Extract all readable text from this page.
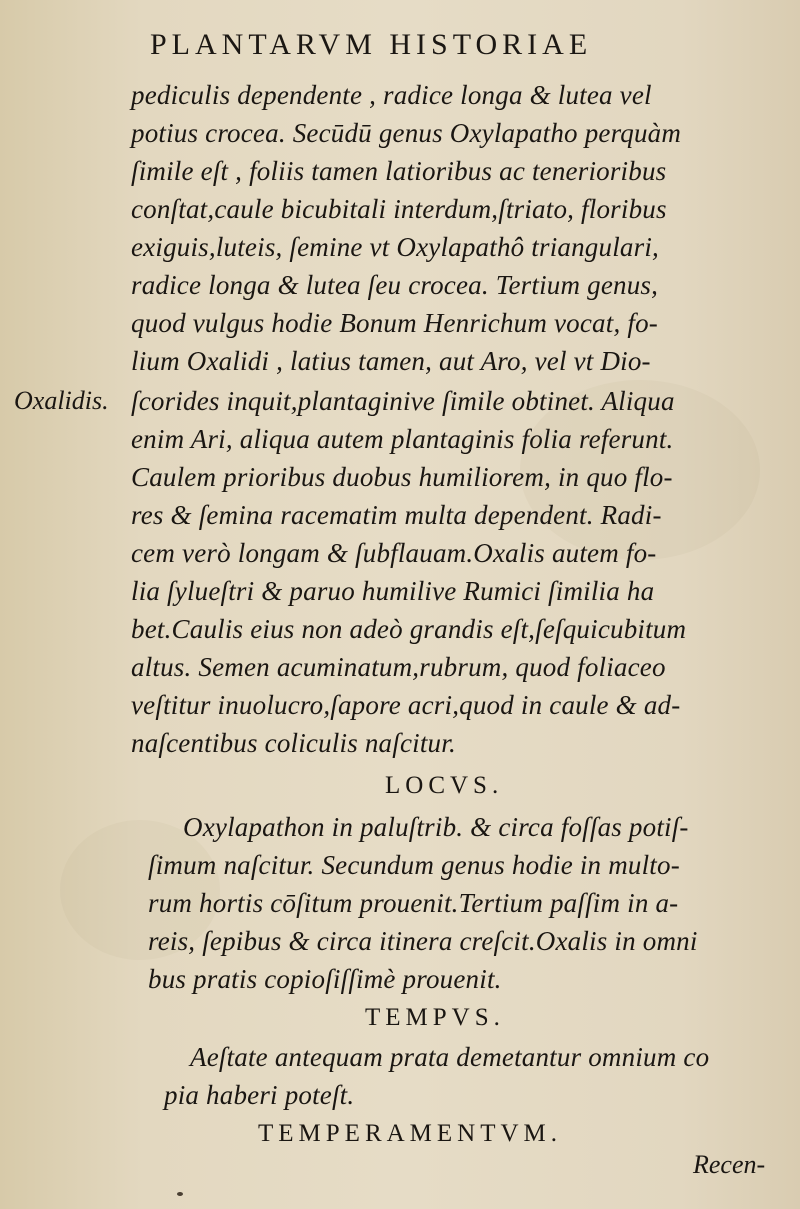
PLANTARVM HISTORIAE
Oxalidis.
pediculis dependente , radice longa & lutea vel
potius crocea. Secūdū genus Oxylapatho perquàm
ſimile eſt , foliis tamen latioribus ac tenerioribus
conſtat,caule bicubitali interdum,ſtriato, floribus
exiguis,luteis, ſemine vt Oxylapathô triangulari,
radice longa & lutea ſeu crocea. Tertium genus,
quod vulgus hodie Bonum Henrichum vocat, fo-
lium Oxalidi , latius tamen, aut Aro, vel vt Dio-
ſcorides inquit,plantaginive ſimile obtinet. Aliqua
enim Ari, aliqua autem plantaginis folia referunt.
Caulem prioribus duobus humiliorem, in quo flo-
res & ſemina racematim multa dependent. Radi-
cem verò longam & ſubflauam.Oxalis autem fo-
lia ſylueſtri & paruo humilive Rumici ſimilia ha
bet.Caulis eius non adeò grandis eſt,ſeſquicubitum
altus. Semen acuminatum,rubrum, quod foliaceo
veſtitur inuolucro,ſapore acri,quod in caule & ad-
naſcentibus coliculis naſcitur.
LOCVS.
Oxylapathon in paluſtrib. & circa foſſas potiſ-
ſimum naſcitur. Secundum genus hodie in multo-
rum hortis cōſitum prouenit.Tertium paſſim in a-
reis, ſepibus & circa itinera creſcit.Oxalis in omni
bus pratis copioſiſſimè prouenit.
TEMPVS.
Aeſtate antequam prata demetantur omnium co
pia haberi poteſt.
TEMPERAMENTVM.
Recen-
